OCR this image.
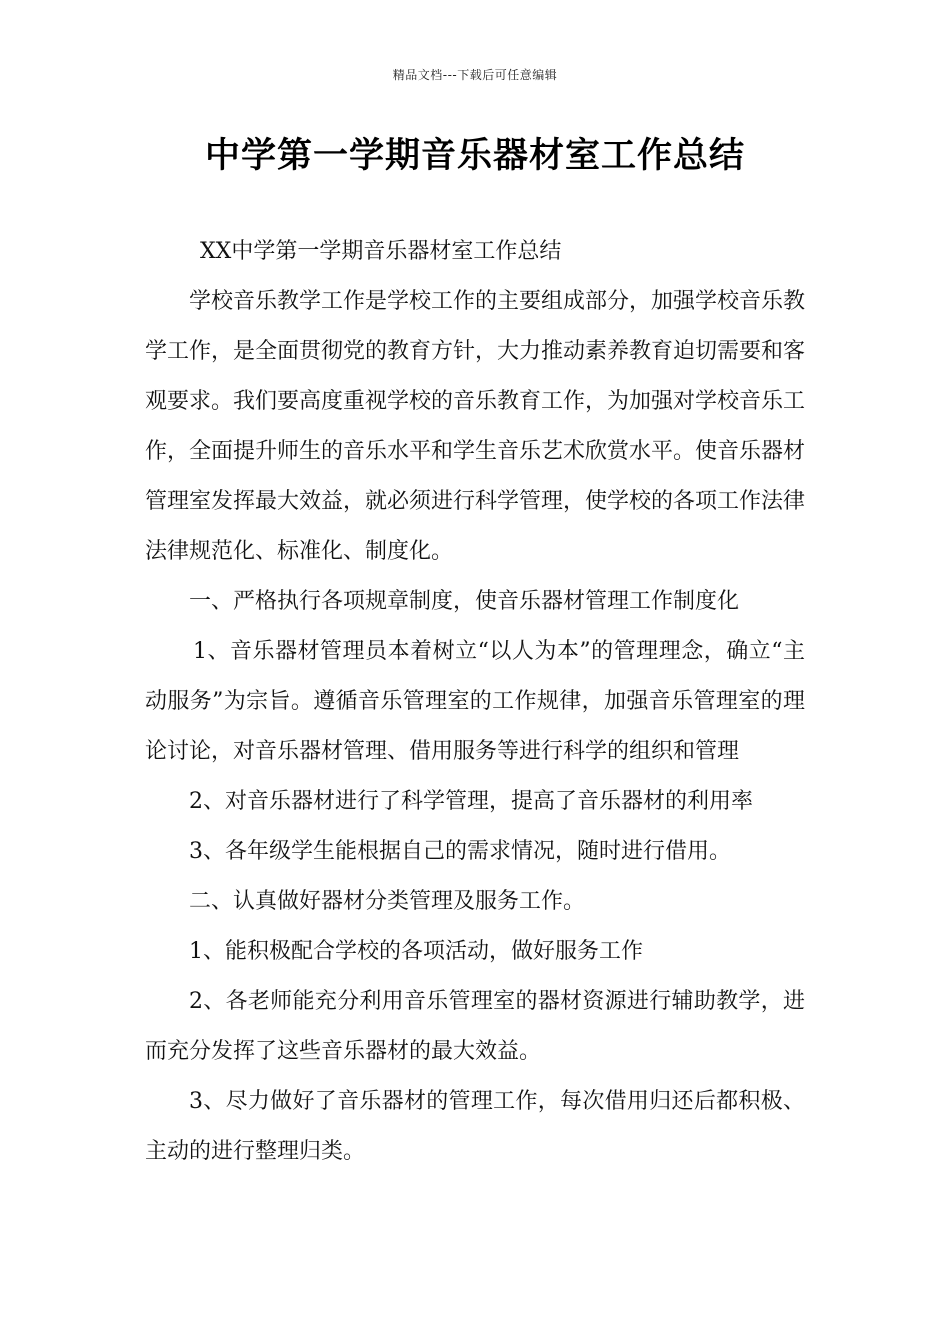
精品文档---下载后可任意编辑
中学第一学期音乐器材室工作总结

XX中学第一学期音乐器材室工作总结

学校音乐教学工作是学校工作的主要组成部分，加强学校音乐教学工作，是全面贯彻党的教育方针，大力推动素养教育迫切需要和客观要求。我们要高度重视学校的音乐教育工作，为加强对学校音乐工作，全面提升师生的音乐水平和学生音乐艺术欣赏水平。使音乐器材管理室发挥最大效益，就必须进行科学管理，使学校的各项工作法律法律规范化、标准化、制度化。

一、严格执行各项规章制度，使音乐器材管理工作制度化

1、音乐器材管理员本着树立“以人为本”的管理理念，确立“主动服务”为宗旨。遵循音乐管理室的工作规律，加强音乐管理室的理论讨论，对音乐器材管理、借用服务等进行科学的组织和管理

2、对音乐器材进行了科学管理，提高了音乐器材的利用率

3、各年级学生能根据自己的需求情况，随时进行借用。

二、认真做好器材分类管理及服务工作。

1、能积极配合学校的各项活动，做好服务工作

2、各老师能充分利用音乐管理室的器材资源进行辅助教学，进而充分发挥了这些音乐器材的最大效益。

3、尽力做好了音乐器材的管理工作，每次借用归还后都积极、主动的进行整理归类。
